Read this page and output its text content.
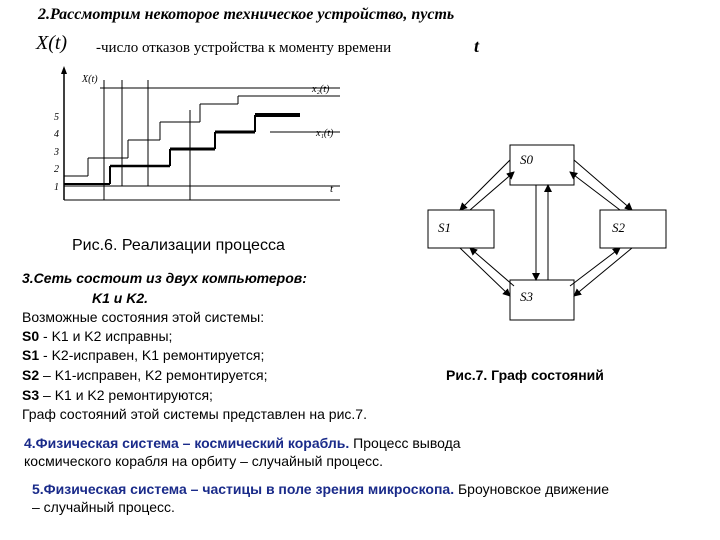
2.Рассмотрим некоторое техническое устройство, пусть
X(t) -число отказов устройства к моменту времени	t
X(t)
t
1
2
3
4
5
x₂(t)
x₁(t)
Рис.6. Реализации процесса
S0
S1	S2
S3
Рис.7. Граф состояний
3.Сеть состоит из двух компьютеров:
K1 и K2.
Возможные состояния этой системы:
S0 - K1 и K2 исправны;
S1 - K2-исправен, K1 ремонтируется;
S2 – K1-исправен, K2 ремонтируется;
S3 – K1 и K2 ремонтируются;
Граф состояний этой системы представлен на рис.7.
4.Физическая система – космический корабль. Процесс вывода
космического корабля на орбиту – случайный процесс.
5.Физическая система – частицы в поле зрения микроскопа. Броуновское движение
– случайный процесс.
